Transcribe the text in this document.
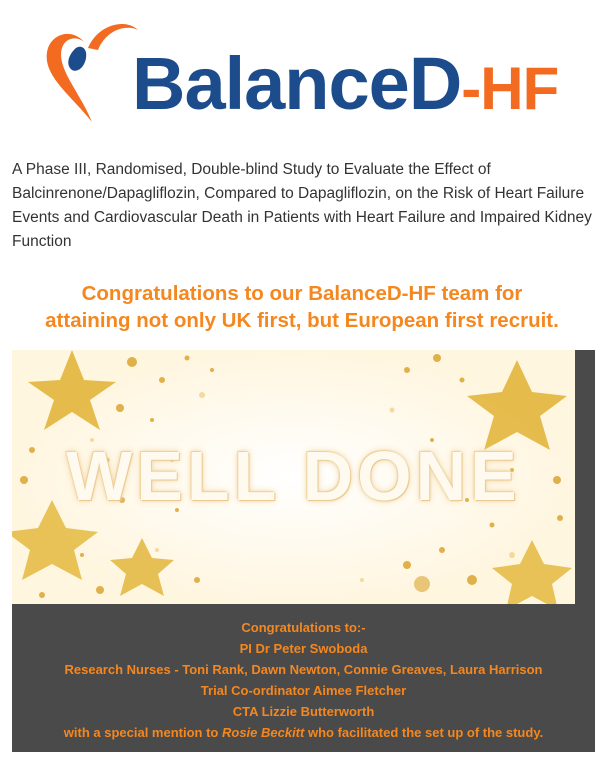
BalanceD-HF

A Phase III, Randomised, Double-blind Study to Evaluate the Effect of Balcinrenone/Dapagliflozin, Compared to Dapagliflozin, on the Risk of Heart Failure Events and Cardiovascular Death in Patients with Heart Failure and Impaired Kidney Function

Congratulations to our BalanceD-HF team for
attaining not only UK first, but European first recruit.
WELL DONE
Congratulations to:-
PI Dr Peter Swoboda
Research Nurses - Toni Rank, Dawn Newton, Connie Greaves, Laura Harrison
Trial Co-ordinator Aimee Fletcher
CTA Lizzie Butterworth
with a special mention to Rosie Beckitt who facilitated the set up of the study.
